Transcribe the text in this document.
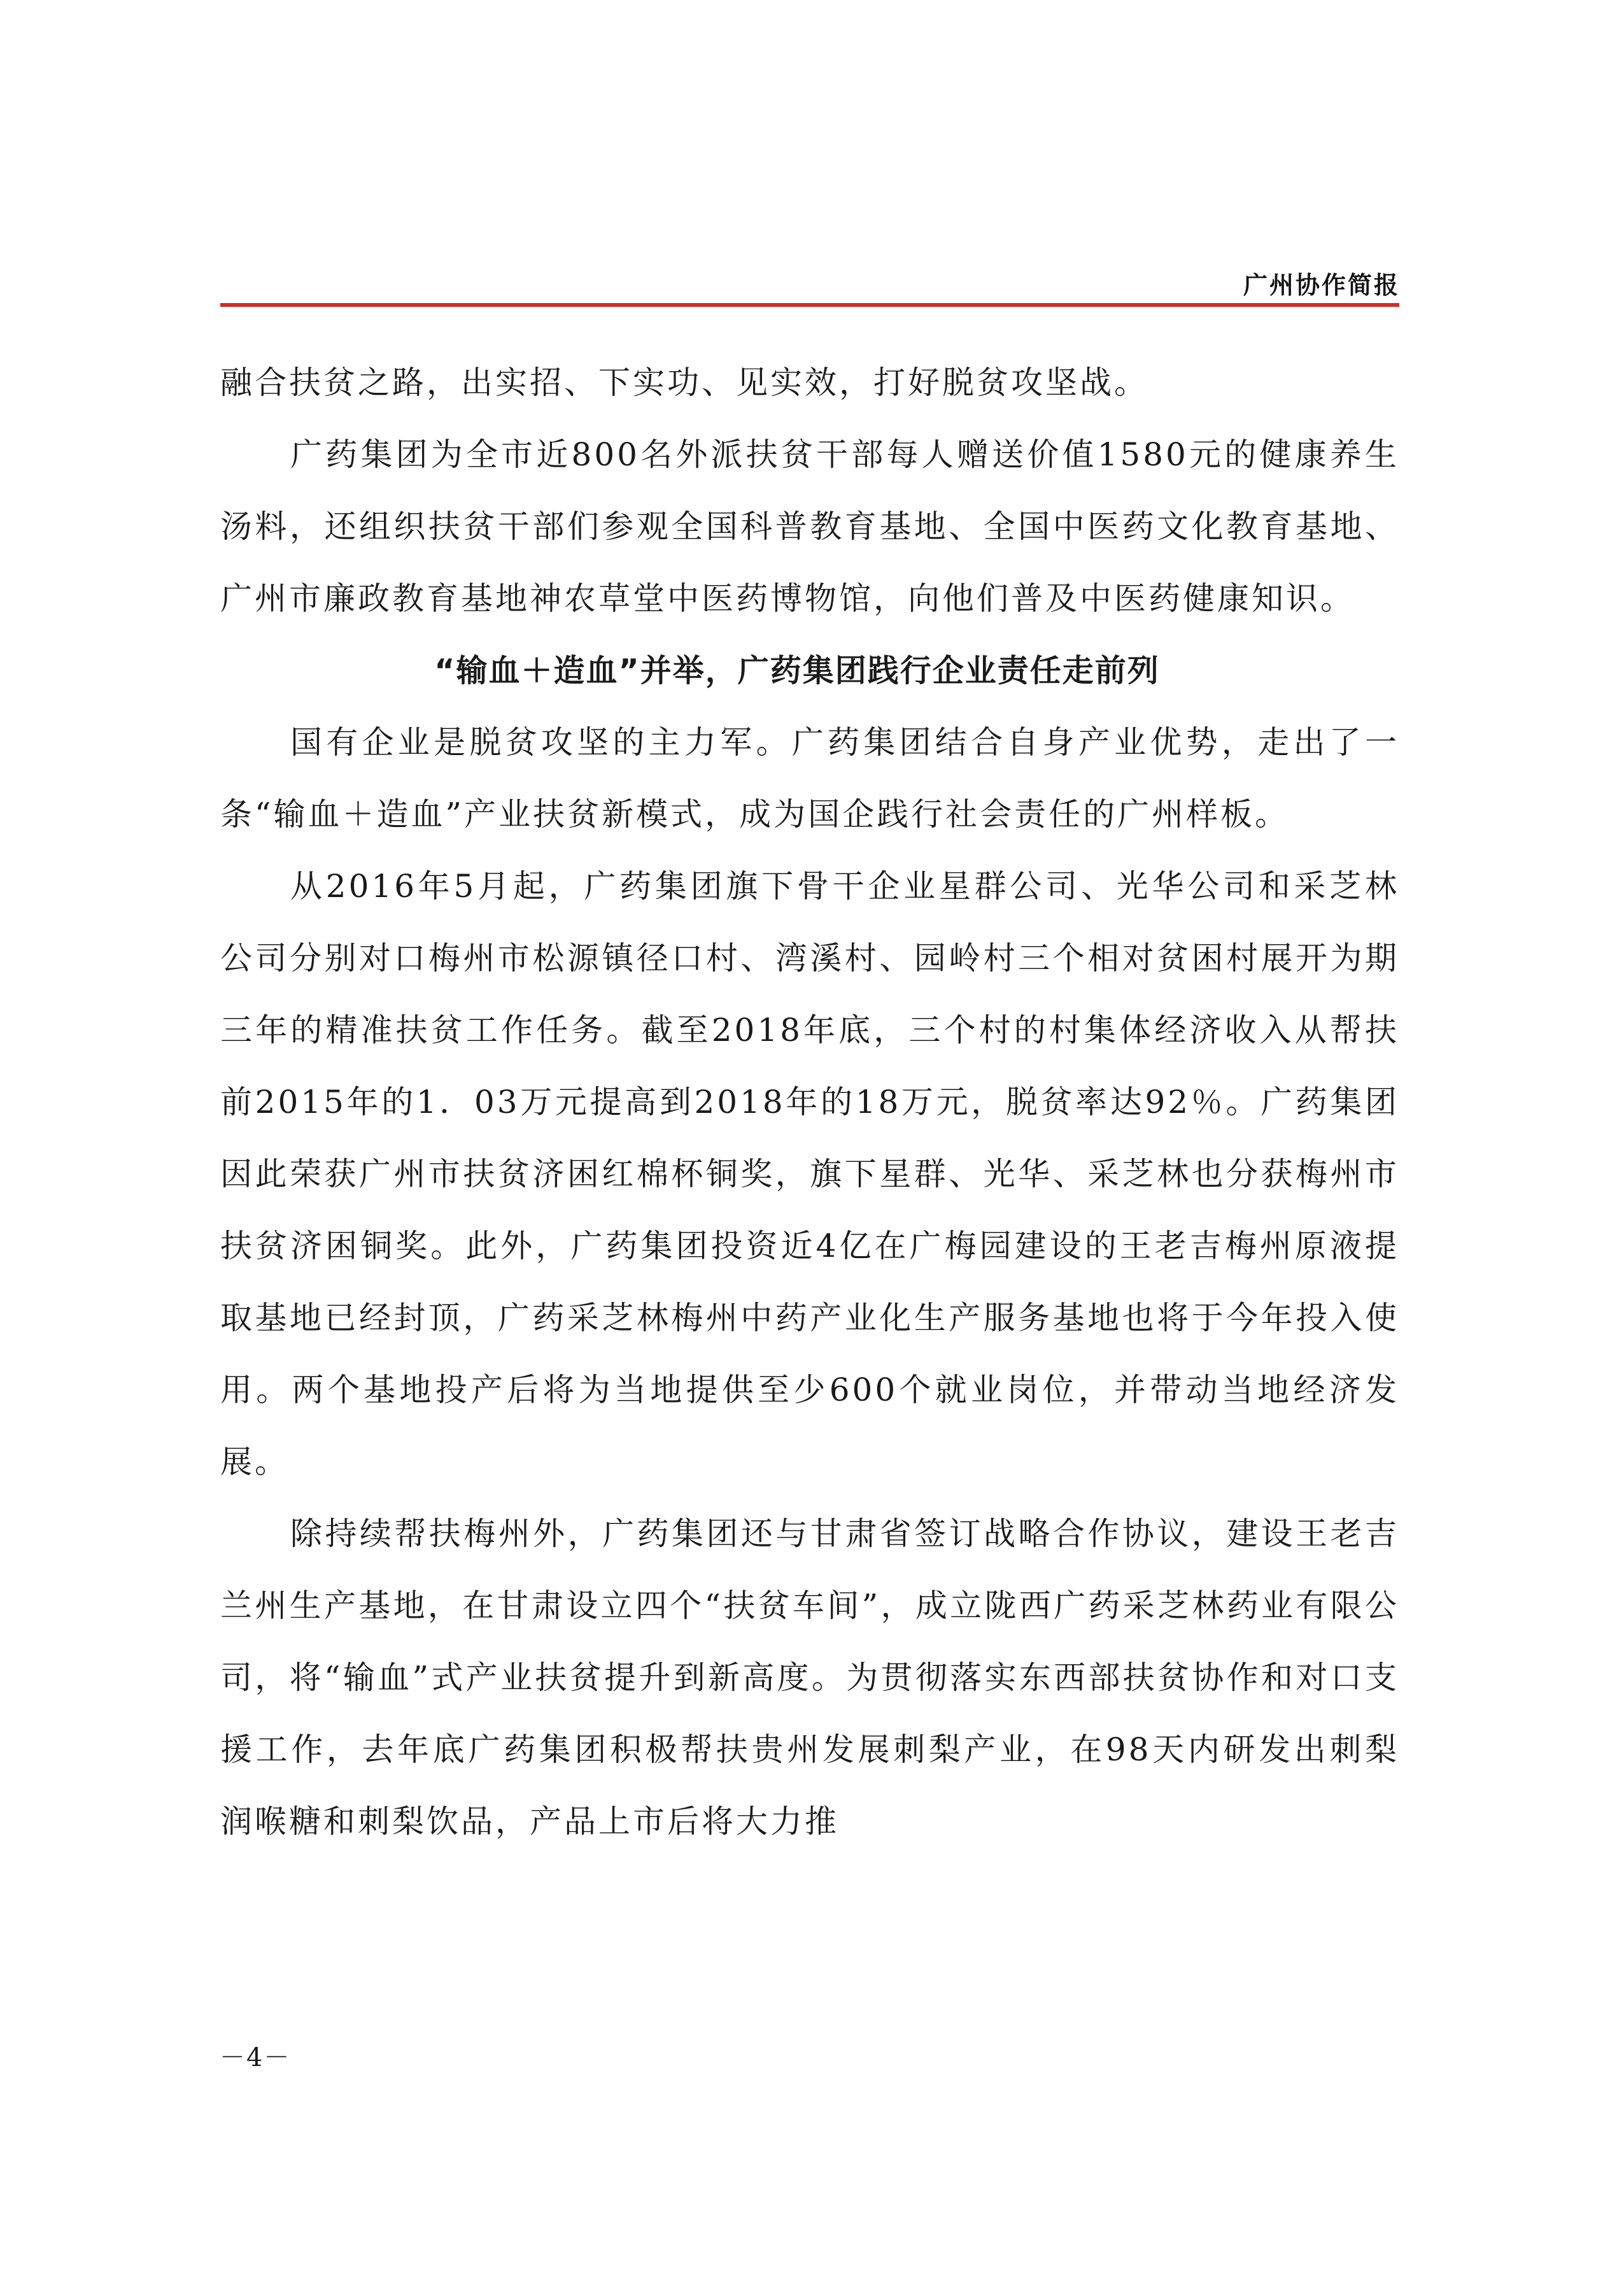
广州协作简报

融合扶贫之路，出实招、下实功、见实效，打好脱贫攻坚战。

广药集团为全市近800名外派扶贫干部每人赠送价值1580元的健康养生汤料，还组织扶贫干部们参观全国科普教育基地、全国中医药文化教育基地、广州市廉政教育基地神农草堂中医药博物馆，向他们普及中医药健康知识。

“输血＋造血”并举，广药集团践行企业责任走前列

国有企业是脱贫攻坚的主力军。广药集团结合自身产业优势，走出了一条“输血＋造血”产业扶贫新模式，成为国企践行社会责任的广州样板。

从2016年5月起，广药集团旗下骨干企业星群公司、光华公司和采芝林公司分别对口梅州市松源镇径口村、湾溪村、园岭村三个相对贫困村展开为期三年的精准扶贫工作任务。截至2018年底，三个村的村集体经济收入从帮扶前2015年的1．03万元提高到2018年的18万元，脱贫率达92％。广药集团因此荣获广州市扶贫济困红棉杯铜奖，旗下星群、光华、采芝林也分获梅州市扶贫济困铜奖。此外，广药集团投资近4亿在广梅园建设的王老吉梅州原液提取基地已经封顶，广药采芝林梅州中药产业化生产服务基地也将于今年投入使用。两个基地投产后将为当地提供至少600个就业岗位，并带动当地经济发展。

除持续帮扶梅州外，广药集团还与甘肃省签订战略合作协议，建设王老吉兰州生产基地，在甘肃设立四个“扶贫车间”，成立陇西广药采芝林药业有限公司，将“输血”式产业扶贫提升到新高度。为贯彻落实东西部扶贫协作和对口支援工作，去年底广药集团积极帮扶贵州发展刺梨产业，在98天内研发出刺梨润喉糖和刺梨饮品，产品上市后将大力推

－4－
